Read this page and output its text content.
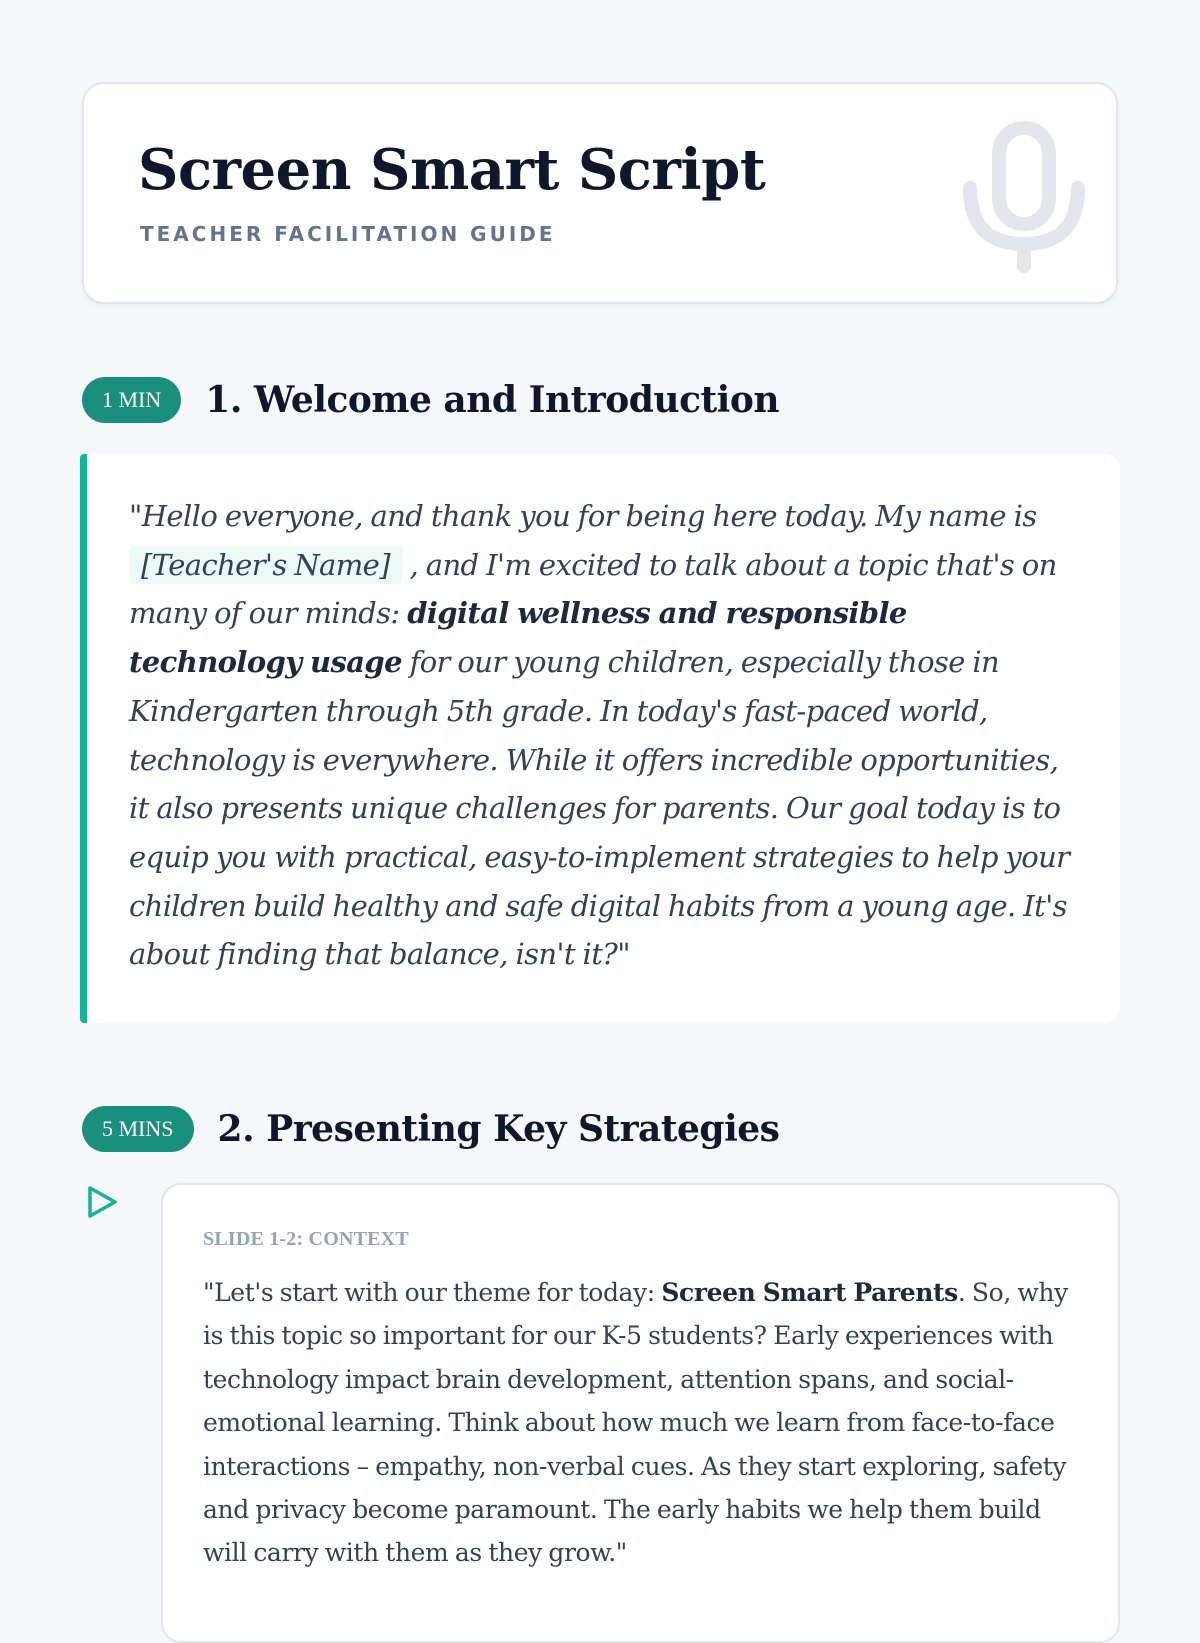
Screen Smart Script
TEACHER FACILITATION GUIDE
1 MIN	1. Welcome and Introduction

"Hello everyone, and thank you for being here today. My name is [Teacher's Name] , and I'm excited to talk about a topic that's on many of our minds: digital wellness and responsible technology usage for our young children, especially those in Kindergarten through 5th grade. In today's fast-paced world, technology is everywhere. While it offers incredible opportunities, it also presents unique challenges for parents. Our goal today is to equip you with practical, easy-to-implement strategies to help your children build healthy and safe digital habits from a young age. It's about finding that balance, isn't it?"

5 MINS	2. Presenting Key Strategies
SLIDE 1-2: CONTEXT

"Let's start with our theme for today: Screen Smart Parents. So, why is this topic so important for our K-5 students? Early experiences with technology impact brain development, attention spans, and social-emotional learning. Think about how much we learn from face-to-face interactions – empathy, non-verbal cues. As they start exploring, safety and privacy become paramount. The early habits we help them build will carry with them as they grow."
